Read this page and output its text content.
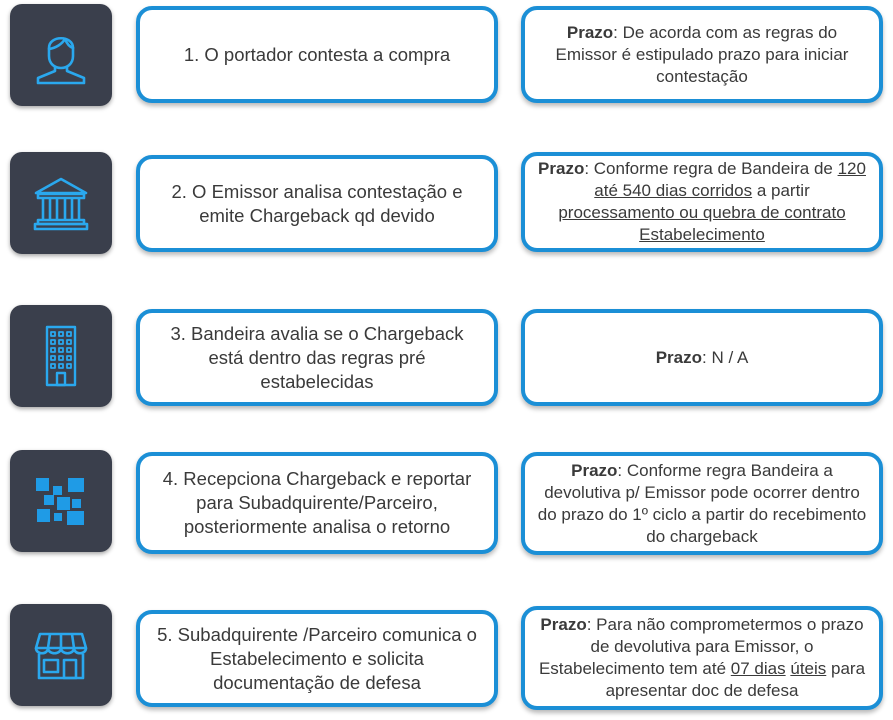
1. O portador contesta a compra

Prazo: De acorda com as regras do Emissor é estipulado prazo para iniciar contestação

2. O Emissor analisa contestação e emite Chargeback qd devido

Prazo: Conforme regra de Bandeira de 120 até 540 dias corridos a partir processamento ou quebra de contrato Estabelecimento

3. Bandeira avalia se o Chargeback está dentro das regras pré estabelecidas

Prazo: N / A

4. Recepciona Chargeback e reportar para Subadquirente/Parceiro, posteriormente analisa o retorno

Prazo: Conforme regra Bandeira a devolutiva p/ Emissor pode ocorrer dentro do prazo do 1º ciclo a partir do recebimento do chargeback

5. Subadquirente /Parceiro comunica o Estabelecimento e solicita documentação de defesa

Prazo: Para não comprometermos o prazo de devolutiva para Emissor, o Estabelecimento tem até 07 dias úteis para apresentar doc de defesa
